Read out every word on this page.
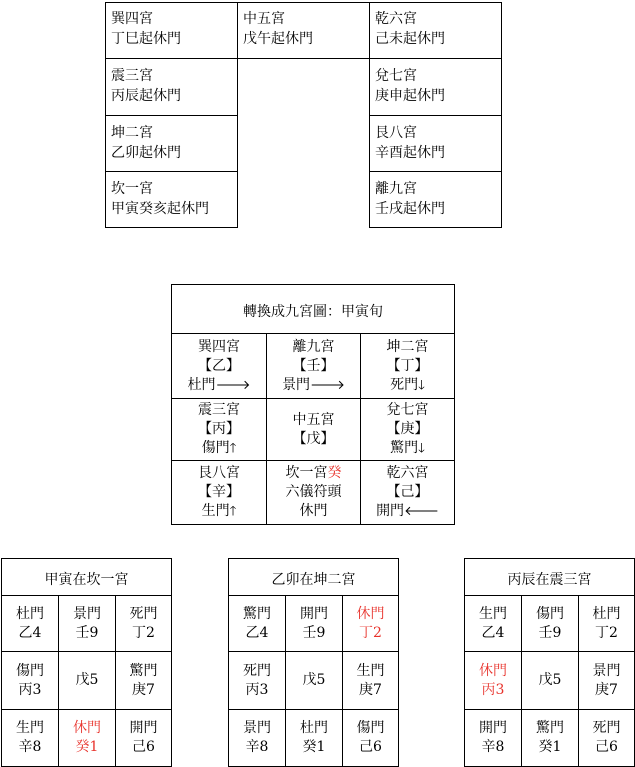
巽四宮
丁巳起休門
震三宮
丙辰起休門
坤二宮
乙卯起休門
坎一宮
甲寅癸亥起休門
中五宮
戊午起休門
乾六宮
己未起休門
兌七宮
庚申起休門
艮八宮
辛酉起休門
離九宮
壬戌起休門
轉換成九宮圖：甲寅旬
巽四宮
【乙】
杜門🡒
離九宮
【壬】
景門🡒
坤二宮
【丁】
死門🡓
震三宮
【丙】
傷門🡑
中五宮
【戊】
兌七宮
【庚】
驚門🡓
艮八宮
【辛】
生門🡑
坎一宮癸
六儀符頭
休門
乾六宮
【己】
開門🡐
甲寅在坎一宮
杜門
乙4
景門
壬9
死門
丁2
傷門
丙3
戊5
驚門
庚7
生門
辛8
休門
癸1
開門
己6
乙卯在坤二宮
驚門
乙4
開門
壬9
休門
丁2
死門
丙3
戊5
生門
庚7
景門
辛8
杜門
癸1
傷門
己6
丙辰在震三宮
生門
乙4
傷門
壬9
杜門
丁2
休門
丙3
戊5
景門
庚7
開門
辛8
驚門
癸1
死門
己6
